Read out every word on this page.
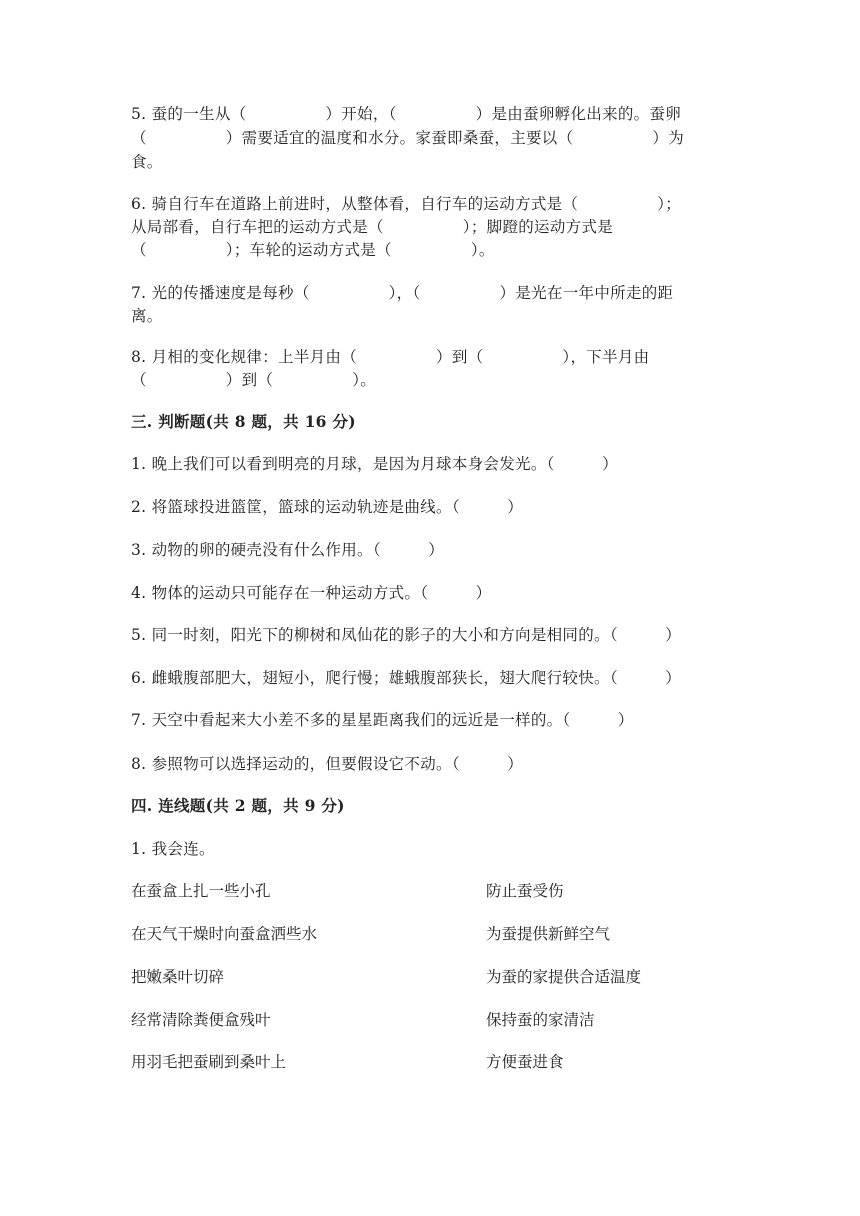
5. 蚕的一生从（　　　　　）开始，（　　　　　）是由蚕卵孵化出来的。蚕卵
（　　　　　）需要适宜的温度和水分。家蚕即桑蚕，主要以（　　　　　）为
食。
6. 骑自行车在道路上前进时，从整体看，自行车的运动方式是（　　　　　）；
从局部看，自行车把的运动方式是（　　　　　）；脚蹬的运动方式是
（　　　　　）；车轮的运动方式是（　　　　　）。
7. 光的传播速度是每秒（　　　　　），（　　　　　）是光在一年中所走的距
离。
8. 月相的变化规律：上半月由（　　　　　）到（　　　　　），下半月由
（　　　　　）到（　　　　　）。
三. 判断题(共 8 题，共 16 分)
1. 晚上我们可以看到明亮的月球，是因为月球本身会发光。（　　　）
2. 将篮球投进篮筐，篮球的运动轨迹是曲线。（　　　）
3. 动物的卵的硬壳没有什么作用。（　　　）
4. 物体的运动只可能存在一种运动方式。（　　　）
5. 同一时刻，阳光下的柳树和凤仙花的影子的大小和方向是相同的。（　　　）
6. 雌蛾腹部肥大，翅短小，爬行慢；雄蛾腹部狭长，翅大爬行较快。（　　　）
7. 天空中看起来大小差不多的星星距离我们的远近是一样的。（　　　）
8. 参照物可以选择运动的，但要假设它不动。（　　　）
四. 连线题(共 2 题，共 9 分)
1. 我会连。
在蚕盒上扎一些小孔	防止蚕受伤
在天气干燥时向蚕盒洒些水	为蚕提供新鲜空气
把嫩桑叶切碎	为蚕的家提供合适温度
经常清除粪便盒残叶	保持蚕的家清洁
用羽毛把蚕刷到桑叶上	方便蚕进食
